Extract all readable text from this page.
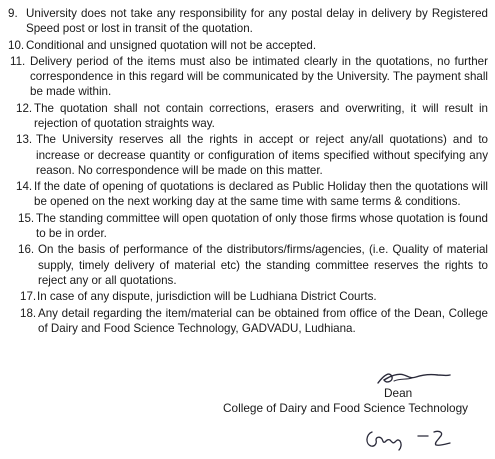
9. University does not take any responsibility for any postal delay in delivery by Registered Speed post or lost in transit of the quotation.
10. Conditional and unsigned quotation will not be accepted.
11. Delivery period of the items must also be intimated clearly in the quotations, no further correspondence in this regard will be communicated by the University. The payment shall be made within.
12. The quotation shall not contain corrections, erasers and overwriting, it will result in rejection of quotation straights way.
13. The University reserves all the rights in accept or reject any/all quotations) and to increase or decrease quantity or configuration of items specified without specifying any reason. No correspondence will be made on this matter.
14. If the date of opening of quotations is declared as Public Holiday then the quotations will be opened on the next working day at the same time with same terms & conditions.
15. The standing committee will open quotation of only those firms whose quotation is found to be in order.
16. On the basis of performance of the distributors/firms/agencies, (i.e. Quality of material supply, timely delivery of material etc) the standing committee reserves the rights to reject any or all quotations.
17. In case of any dispute, jurisdiction will be Ludhiana District Courts.
18. Any detail regarding the item/material can be obtained from office of the Dean, College of Dairy and Food Science Technology, GADVADU, Ludhiana.
Dean
College of Dairy and Food Science Technology
